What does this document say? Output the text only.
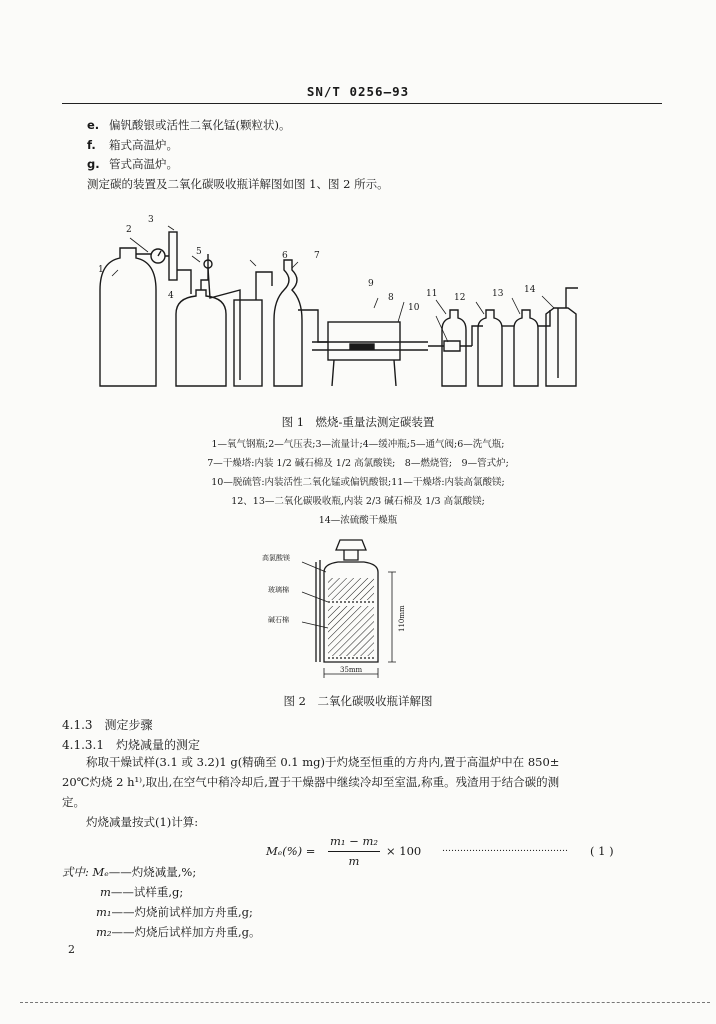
SN/T 0256—93
e. 偏钒酸银或活性二氧化锰(颗粒状)。
f. 箱式高温炉。
g. 管式高温炉。
测定碳的装置及二氧化碳吸收瓶详解图如图 1、图 2 所示。
1
2
3
4
5	6	7
8
9
10
11 12	13 14
图 1　燃烧-重量法测定碳装置
1—氧气钢瓶;2—气压表;3—流量计;4—缓冲瓶;5—通气阀;6—洗气瓶;
7—干燥塔:内装 1/2 碱石棉及 1/2 高氯酸镁;　8—燃烧管;　9—管式炉;
10—脱硫管:内装活性二氧化锰或偏钒酸银;11—干燥塔:内装高氯酸镁;
12、13—二氧化碳吸收瓶,内装 2/3 碱石棉及 1/3 高氯酸镁;
14—浓硫酸干燥瓶
高氯酸镁
玻璃棉
碱石棉	110mm
35mm
图 2　二氧化碳吸收瓶详解图
4.1.3　测定步骤
4.1.3.1　灼烧减量的测定
称取干燥试样(3.1 或 3.2)1 g(精确至 0.1 mg)于灼烧至恒重的方舟内,置于高温炉中在 850±
20℃灼烧 2 h¹⁾,取出,在空气中稍冷却后,置于干燥器中继续冷却至室温,称重。残渣用于结合碳的测
定。
灼烧减量按式(1)计算:
Mₑ(%) =
m₁ − m₂
m
× 100 …………………………………… ( 1 )
式中: Mₑ——灼烧减量,%;
m——试样重,g;
m₁——灼烧前试样加方舟重,g;
m₂——灼烧后试样加方舟重,g。
2
